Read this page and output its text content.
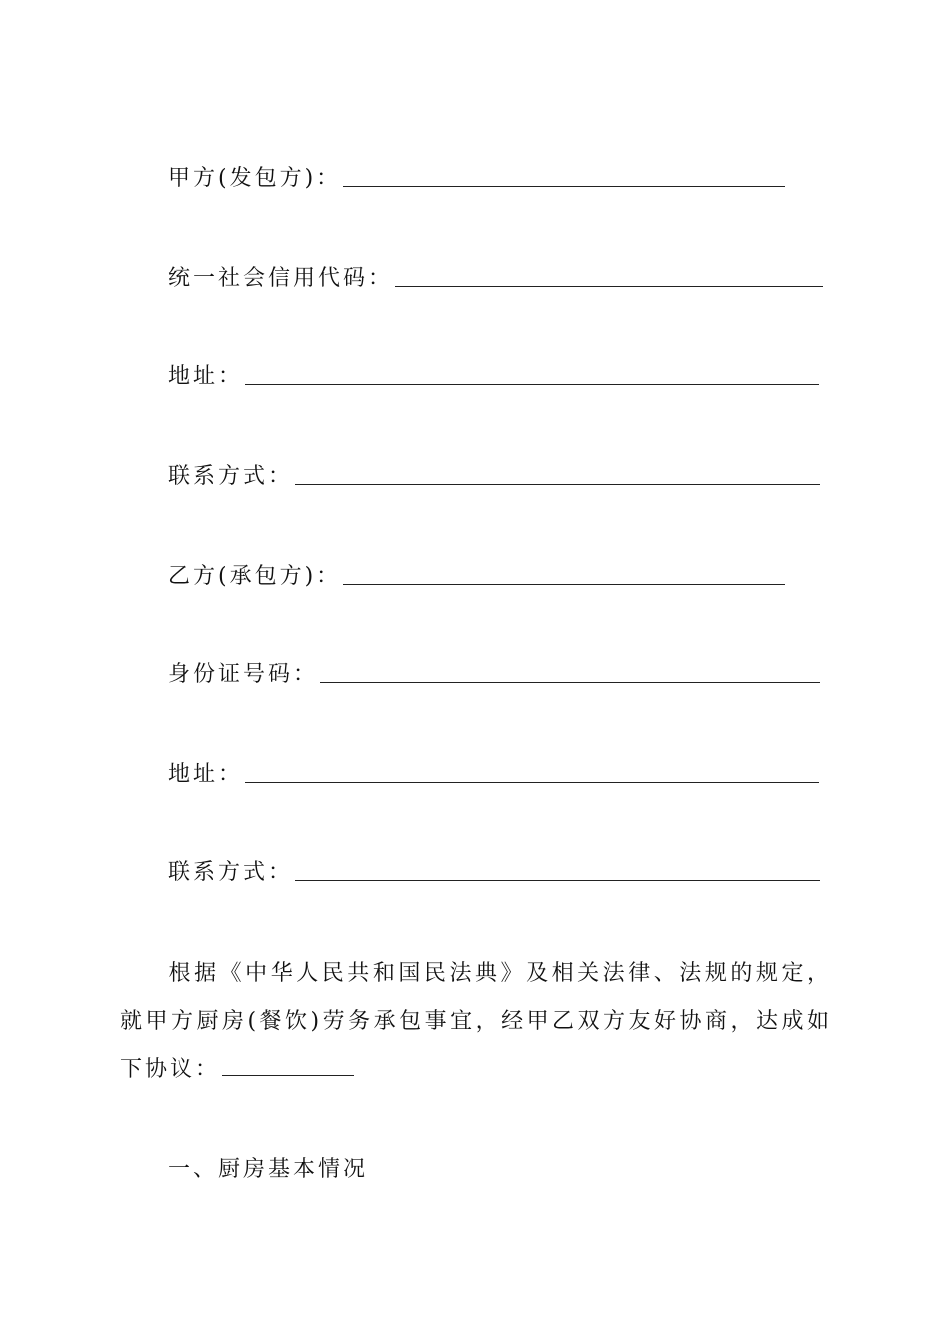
甲方(发包方)：
统一社会信用代码：
地址：
联系方式：
乙方(承包方)：
身份证号码：
地址：
联系方式：
根据《中华人民共和国民法典》及相关法律、法规的规定，就甲方厨房(餐饮)劳务承包事宜，经甲乙双方友好协商，达成如下协议：
一、厨房基本情况
